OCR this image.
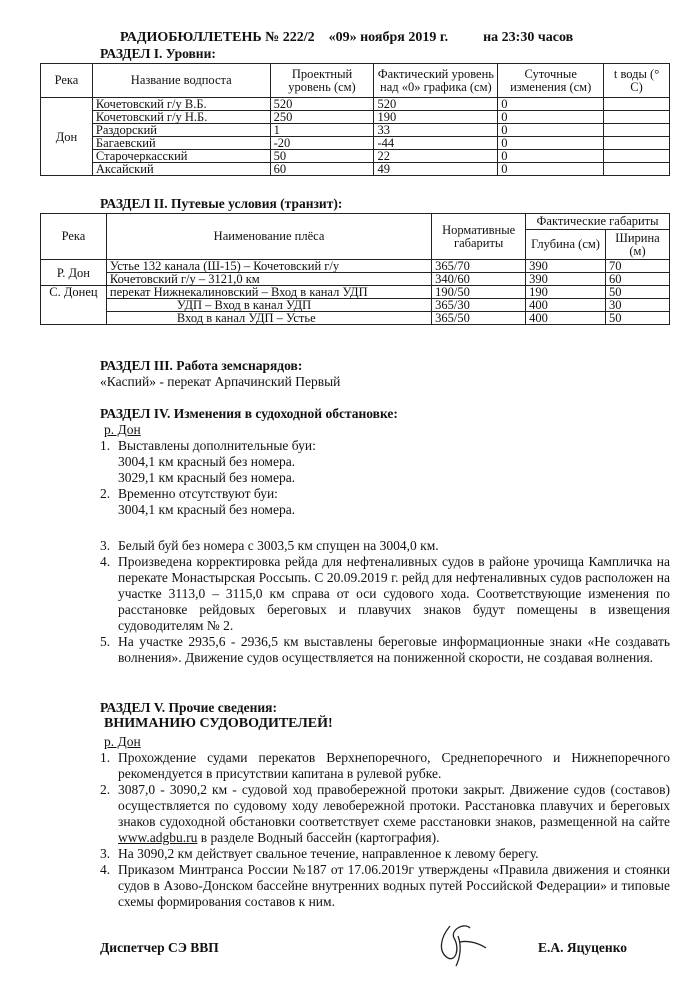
РАДИОБЮЛЛЕТЕНЬ № 222/2 «09» ноября 2019 г.	на 23:30 часов
РАЗДЕЛ I. Уровни:
Река	Название водпоста	Проектный уровень (см)	Фактический уровень над «0» графика (см)	Суточные изменения (см)	t воды (° C)
Дон	Кочетовский г/у В.Б.	520	520	0	
	Кочетовский г/у Н.Б.	250	190	0	
	Раздорский	1	33	0	
	Багаевский	-20	-44	0	
	Старочеркасский	50	22	0	
	Аксайский	60	49	0	
РАЗДЕЛ II. Путевые условия (транзит):
Река	Наименование плёса	Нормативные габариты	Фактические габариты	
			Глубина (см)	Ширина (м)
Р. Дон	Устье 132 канала (Ш-15) – Кочетовский г/у	365/70	390	70
	Кочетовский г/у – 3121,0 км	340/60	390	60
С. Донец	перекат Нижнекалиновский – Вход в канал УДП	190/50	190	50
	УДП – Вход в канал УДП	365/30	400	30
	Вход в канал УДП – Устье	365/50	400	50
РАЗДЕЛ III. Работа земснарядов:
«Каспий» - перекат Арпачинский Первый
РАЗДЕЛ IV. Изменения в судоходной обстановке:
р. Дон
1. Выставлены дополнительные буи:
3004,1 км красный без номера.
3029,1 км красный без номера.
2. Временно отсутствуют буи:
3004,1 км красный без номера.
3. Белый буй без номера с 3003,5 км спущен на 3004,0 км.
4. Произведена корректировка рейда для нефтеналивных судов в районе урочища Кампличка на перекате Монастырская Россыпь. С 20.09.2019 г. рейд для нефтеналивных судов расположен на участке 3113,0 – 3115,0 км справа от оси судового хода. Соответствующие изменения по расстановке рейдовых береговых и плавучих знаков будут помещены в извещения судоводителям № 2.
5. На участке 2935,6 - 2936,5 км выставлены береговые информационные знаки «Не создавать волнения». Движение судов осуществляется на пониженной скорости, не создавая волнения.
РАЗДЕЛ V. Прочие сведения:
ВНИМАНИЮ СУДОВОДИТЕЛЕЙ!
р. Дон
1. Прохождение судами перекатов Верхнепоречного, Среднепоречного и Нижнепоречного рекомендуется в присутствии капитана в рулевой рубке.
2. 3087,0 - 3090,2 км - судовой ход правобережной протоки закрыт. Движение судов (составов) осуществляется по судовому ходу левобережной протоки. Расстановка плавучих и береговых знаков судоходной обстановки соответствует схеме расстановки знаков, размещенной на сайте www.adgbu.ru в разделе Водный бассейн (картография).
3. На 3090,2 км действует свальное течение, направленное к левому берегу.
4. Приказом Минтранса России №187 от 17.06.2019г утверждены «Правила движения и стоянки судов в Азово-Донском бассейне внутренних водных путей Российской Федерации» и типовые схемы формирования составов к ним.
Диспетчер СЭ ВВП	Е.А. Яцуценко
